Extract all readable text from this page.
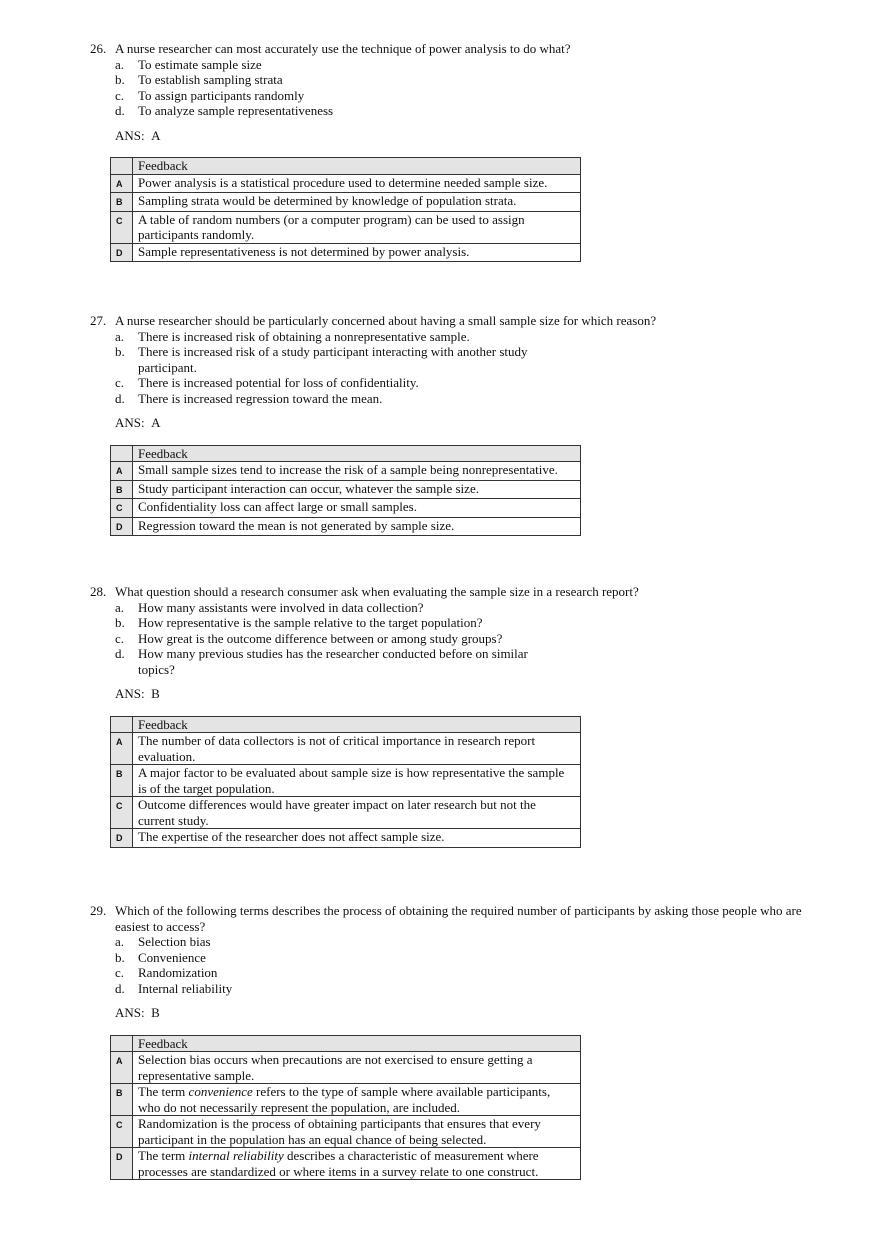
26. A nurse researcher can most accurately use the technique of power analysis to do what?
a.	To estimate sample size
b.	To establish sampling strata
c.	To assign participants randomly
d.	To analyze sample representativeness
ANS: A
	Feedback
A	Power analysis is a statistical procedure used to determine needed sample size.
B	Sampling strata would be determined by knowledge of population strata.
C	A table of random numbers (or a computer program) can be used to assign participants randomly.
D	Sample representativeness is not determined by power analysis.
27. A nurse researcher should be particularly concerned about having a small sample size for which reason?
a.	There is increased risk of obtaining a nonrepresentative sample.
b.	There is increased risk of a study participant interacting with another study participant.
c.	There is increased potential for loss of confidentiality.
d.	There is increased regression toward the mean.
ANS: A
	Feedback
A	Small sample sizes tend to increase the risk of a sample being nonrepresentative.
B	Study participant interaction can occur, whatever the sample size.
C	Confidentiality loss can affect large or small samples.
D	Regression toward the mean is not generated by sample size.
28. What question should a research consumer ask when evaluating the sample size in a research report?
a.	How many assistants were involved in data collection?
b.	How representative is the sample relative to the target population?
c.	How great is the outcome difference between or among study groups?
d.	How many previous studies has the researcher conducted before on similar topics?
ANS: B
	Feedback
A	The number of data collectors is not of critical importance in research report evaluation.
B	A major factor to be evaluated about sample size is how representative the sample is of the target population.
C	Outcome differences would have greater impact on later research but not the current study.
D	The expertise of the researcher does not affect sample size.
29. Which of the following terms describes the process of obtaining the required number of participants by asking those people who are easiest to access?
a.	Selection bias
b.	Convenience
c.	Randomization
d.	Internal reliability
ANS: B
	Feedback
A	Selection bias occurs when precautions are not exercised to ensure getting a representative sample.
B	The term convenience refers to the type of sample where available participants, who do not necessarily represent the population, are included.
C	Randomization is the process of obtaining participants that ensures that every participant in the population has an equal chance of being selected.
D	The term internal reliability describes a characteristic of measurement where processes are standardized or where items in a survey relate to one construct.
